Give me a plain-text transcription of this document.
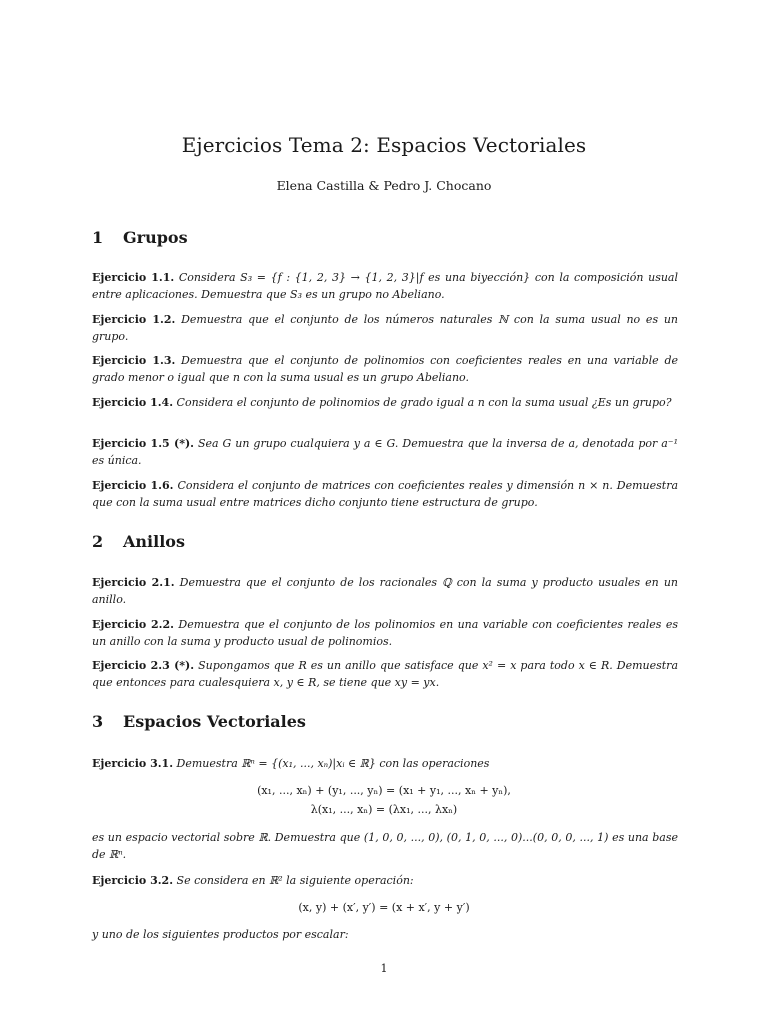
Ejercicios Tema 2: Espacios Vectoriales
Elena Castilla & Pedro J. Chocano
1 Grupos

Ejercicio 1.1. Considera S₃ = {f : {1, 2, 3} → {1, 2, 3}|f es una biyección} con la composición usual entre aplicaciones. Demuestra que S₃ es un grupo no Abeliano.

Ejercicio 1.2. Demuestra que el conjunto de los números naturales ℕ con la suma usual no es un grupo.

Ejercicio 1.3. Demuestra que el conjunto de polinomios con coeficientes reales en una variable de grado menor o igual que n con la suma usual es un grupo Abeliano.

Ejercicio 1.4. Considera el conjunto de polinomios de grado igual a n con la suma usual ¿Es un grupo?

Ejercicio 1.5 (*). Sea G un grupo cualquiera y a ∈ G. Demuestra que la inversa de a, denotada por a⁻¹ es única.

Ejercicio 1.6. Considera el conjunto de matrices con coeficientes reales y dimensión n × n. Demuestra que con la suma usual entre matrices dicho conjunto tiene estructura de grupo.

2 Anillos

Ejercicio 2.1. Demuestra que el conjunto de los racionales ℚ con la suma y producto usuales en un anillo.

Ejercicio 2.2. Demuestra que el conjunto de los polinomios en una variable con coeficientes reales es un anillo con la suma y producto usual de polinomios.

Ejercicio 2.3 (*). Supongamos que R es un anillo que satisface que x² = x para todo x ∈ R. Demuestra que entonces para cualesquiera x, y ∈ R, se tiene que xy = yx.

3 Espacios Vectoriales

Ejercicio 3.1. Demuestra ℝⁿ = {(x₁, ..., xₙ)|xᵢ ∈ ℝ} con las operaciones

(x₁, ..., xₙ) + (y₁, ..., yₙ) = (x₁ + y₁, ..., xₙ + yₙ),
λ(x₁, ..., xₙ) = (λx₁, ..., λxₙ)

es un espacio vectorial sobre ℝ. Demuestra que (1, 0, 0, ..., 0), (0, 1, 0, ..., 0)...(0, 0, 0, ..., 1) es una base de ℝⁿ.

Ejercicio 3.2. Se considera en ℝ² la siguiente operación:

(x, y) + (x′, y′) = (x + x′, y + y′)

y uno de los siguientes productos por escalar:

1
